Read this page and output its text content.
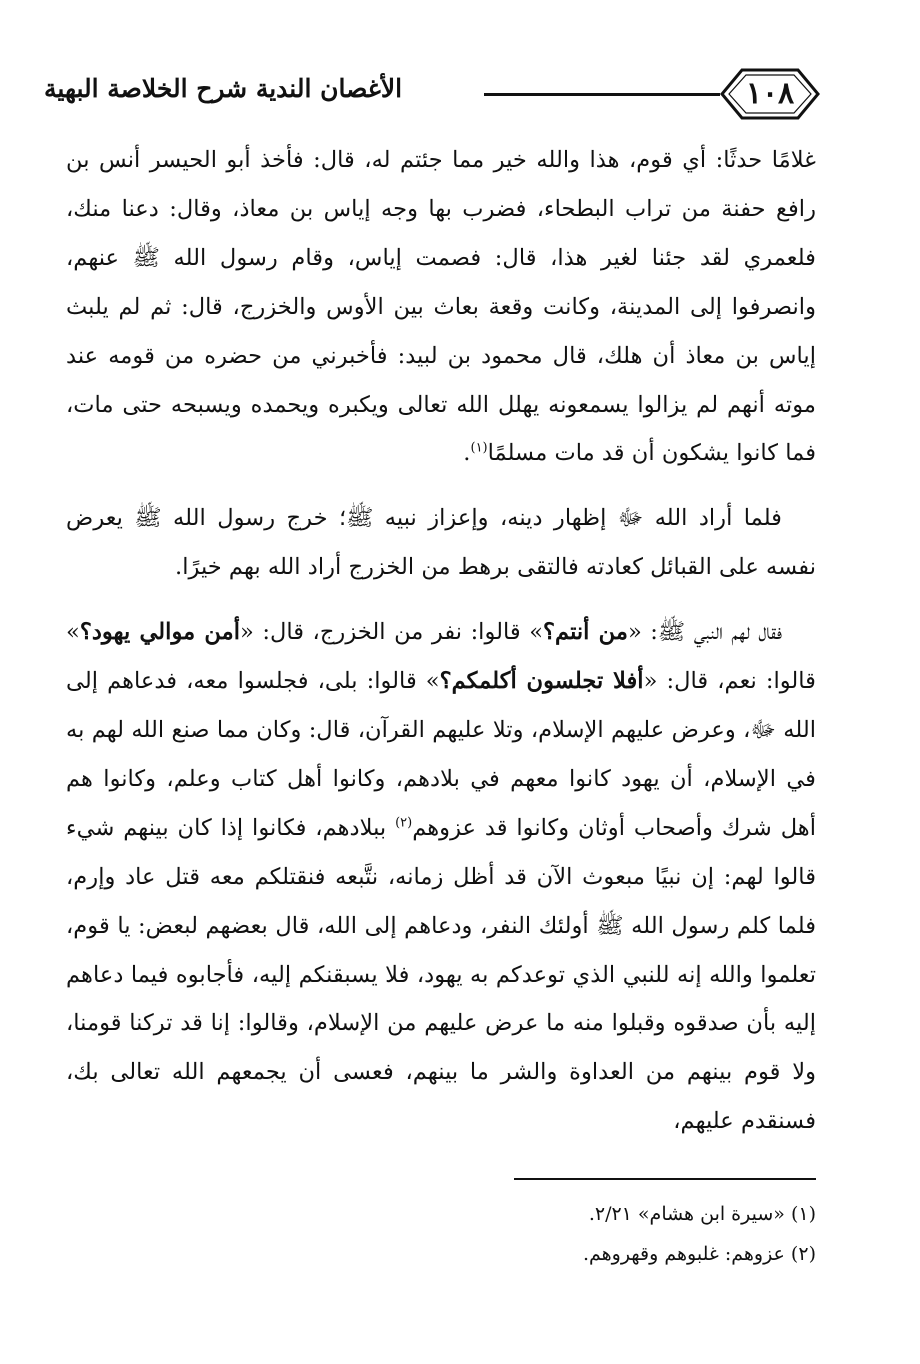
١٠٨
الأغصان الندية شرح الخلاصة البهية

غلامًا حدثًا: أي قوم، هذا والله خير مما جئتم له، قال: فأخذ أبو الحيسر أنس بن رافع حفنة من تراب البطحاء، فضرب بها وجه إياس بن معاذ، وقال: دعنا منك، فلعمري لقد جئنا لغير هذا، قال: فصمت إياس، وقام رسول الله ﷺ عنهم، وانصرفوا إلى المدينة، وكانت وقعة بعاث بين الأوس والخزرج، قال: ثم لم يلبث إياس بن معاذ أن هلك، قال محمود بن لبيد: فأخبرني من حضره من قومه عند موته أنهم لم يزالوا يسمعونه يهلل الله تعالى ويكبره ويحمده ويسبحه حتى مات، فما كانوا يشكون أن قد مات مسلمًا$^{(١)}$.

فلما أراد الله ﷻ إظهار دينه، وإعزاز نبيه ﷺ؛ خرج رسول الله ﷺ يعرض نفسه على القبائل كعادته فالتقى برهط من الخزرج أراد الله بهم خيرًا.

فقال لهم النبي ﷺ: «من أنتم؟» قالوا: نفر من الخزرج، قال: «أمن موالي يهود؟» قالوا: نعم، قال: «أفلا تجلسون أكلمكم؟» قالوا: بلى، فجلسوا معه، فدعاهم إلى الله ﷻ، وعرض عليهم الإسلام، وتلا عليهم القرآن، قال: وكان مما صنع الله لهم به في الإسلام، أن يهود كانوا معهم في بلادهم، وكانوا أهل كتاب وعلم، وكانوا هم أهل شرك وأصحاب أوثان وكانوا قد عزوهم$^{(٢)}$ ببلادهم، فكانوا إذا كان بينهم شيء قالوا لهم: إن نبيًا مبعوث الآن قد أظل زمانه، نتَّبعه فنقتلكم معه قتل عاد وإرم، فلما كلم رسول الله ﷺ أولئك النفر، ودعاهم إلى الله، قال بعضهم لبعض: يا قوم، تعلموا والله إنه للنبي الذي توعدكم به يهود، فلا يسبقنكم إليه، فأجابوه فيما دعاهم إليه بأن صدقوه وقبلوا منه ما عرض عليهم من الإسلام، وقالوا: إنا قد تركنا قومنا، ولا قوم بينهم من العداوة والشر ما بينهم، فعسى أن يجمعهم الله تعالى بك، فسنقدم عليهم،

(١) «سيرة ابن هشام» ٢/٢١.
(٢) عزوهم: غلبوهم وقهروهم.
